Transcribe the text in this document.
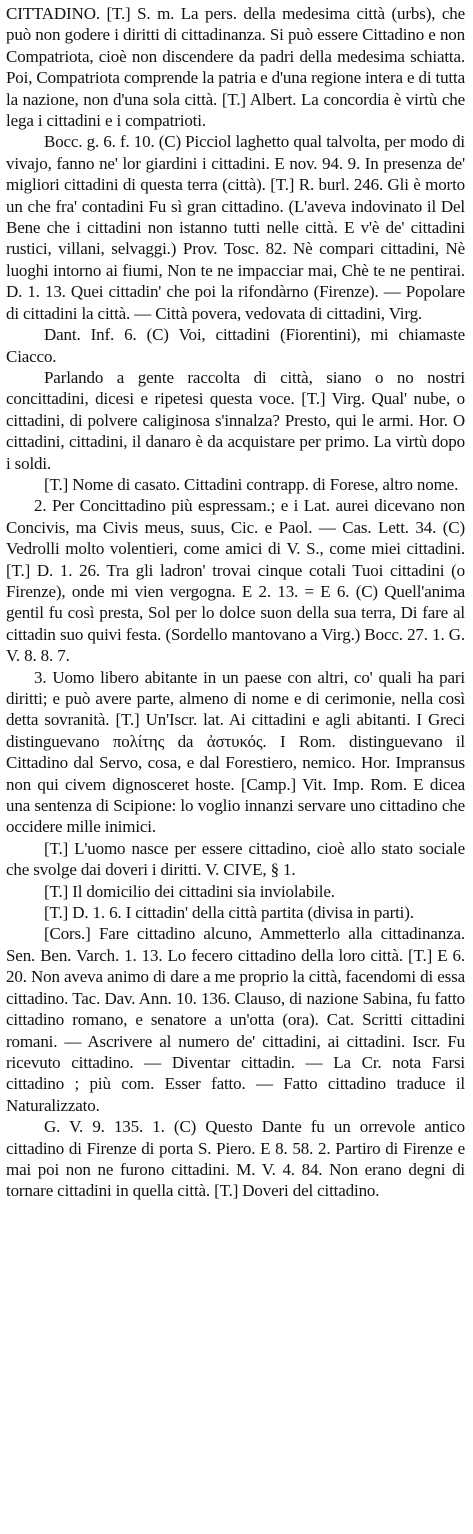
CITTADINO. [T.] S. m. La pers. della medesima città (urbs), che può non godere i diritti di cittadinanza. Si può essere Cittadino e non Compatriota, cioè non discendere da padri della medesima schiatta. Poi, Compatriota comprende la patria e d'una regione intera e di tutta la nazione, non d'una sola città. [T.] Albert. La concordia è virtù che lega i cittadini e i compatrioti.

Bocc. g. 6. f. 10. (C) Picciol laghetto qual talvolta, per modo di vivajo, fanno ne' lor giardini i cittadini. E nov. 94. 9. In presenza de' migliori cittadini di questa terra (città). [T.] R. burl. 246. Gli è morto un che fra' contadini Fu sì gran cittadino. (L'aveva indovinato il Del Bene che i cittadini non istanno tutti nelle città. E v'è de' cittadini rustici, villani, selvaggi.) Prov. Tosc. 82. Nè compari cittadini, Nè luoghi intorno ai fiumi, Non te ne impacciar mai, Chè te ne pentirai. D. 1. 13. Quei cittadin' che poi la rifondàrno (Firenze). — Popolare di cittadini la città. — Città povera, vedovata di cittadini, Virg.

Dant. Inf. 6. (C) Voi, cittadini (Fiorentini), mi chiamaste Ciacco.

Parlando a gente raccolta di città, siano o no nostri concittadini, dicesi e ripetesi questa voce. [T.] Virg. Qual' nube, o cittadini, di polvere caliginosa s'innalza? Presto, qui le armi. Hor. O cittadini, cittadini, il danaro è da acquistare per primo. La virtù dopo i soldi.

[T.] Nome di casato. Cittadini contrapp. di Forese, altro nome.

2. Per Concittadino più espressam.; e i Lat. aurei dicevano non Concivis, ma Civis meus, suus, Cic. e Paol. — Cas. Lett. 34. (C) Vedrolli molto volentieri, come amici di V. S., come miei cittadini. [T.] D. 1. 26. Tra gli ladron' trovai cinque cotali Tuoi cittadini (o Firenze), onde mi vien vergogna. E 2. 13. = E 6. (C) Quell'anima gentil fu così presta, Sol per lo dolce suon della sua terra, Di fare al cittadin suo quivi festa. (Sordello mantovano a Virg.) Bocc. 27. 1. G. V. 8. 8. 7.

3. Uomo libero abitante in un paese con altri, co' quali ha pari diritti; e può avere parte, almeno di nome e di cerimonie, nella così detta sovranità. [T.] Un'Iscr. lat. Ai cittadini e agli abitanti. I Greci distinguevano πολίτης da ἀστυκός. I Rom. distinguevano il Cittadino dal Servo, cosa, e dal Forestiero, nemico. Hor. Impransus non qui civem dignosceret hoste. [Camp.] Vit. Imp. Rom. E dicea una sentenza di Scipione: lo voglio innanzi servare uno cittadino che occidere mille inimici.

[T.] L'uomo nasce per essere cittadino, cioè allo stato sociale che svolge dai doveri i diritti. V. CIVE, § 1.

[T.] Il domicilio dei cittadini sia inviolabile.

[T.] D. 1. 6. I cittadin' della città partita (divisa in parti).

[Cors.] Fare cittadino alcuno, Ammetterlo alla cittadinanza. Sen. Ben. Varch. 1. 13. Lo fecero cittadino della loro città. [T.] E 6. 20. Non aveva animo di dare a me proprio la città, facendomi di essa cittadino. Tac. Dav. Ann. 10. 136. Clauso, di nazione Sabina, fu fatto cittadino romano, e senatore a un'otta (ora). Cat. Scritti cittadini romani. — Ascrivere al numero de' cittadini, ai cittadini. Iscr. Fu ricevuto cittadino. — Diventar cittadin. — La Cr. nota Farsi cittadino ; più com. Esser fatto. — Fatto cittadino traduce il Naturalizzato.

G. V. 9. 135. 1. (C) Questo Dante fu un orrevole antico cittadino di Firenze di porta S. Piero. E 8. 58. 2. Partiro di Firenze e mai poi non ne furono cittadini. M. V. 4. 84. Non erano degni di tornare cittadini in quella città. [T.] Doveri del cittadino.
